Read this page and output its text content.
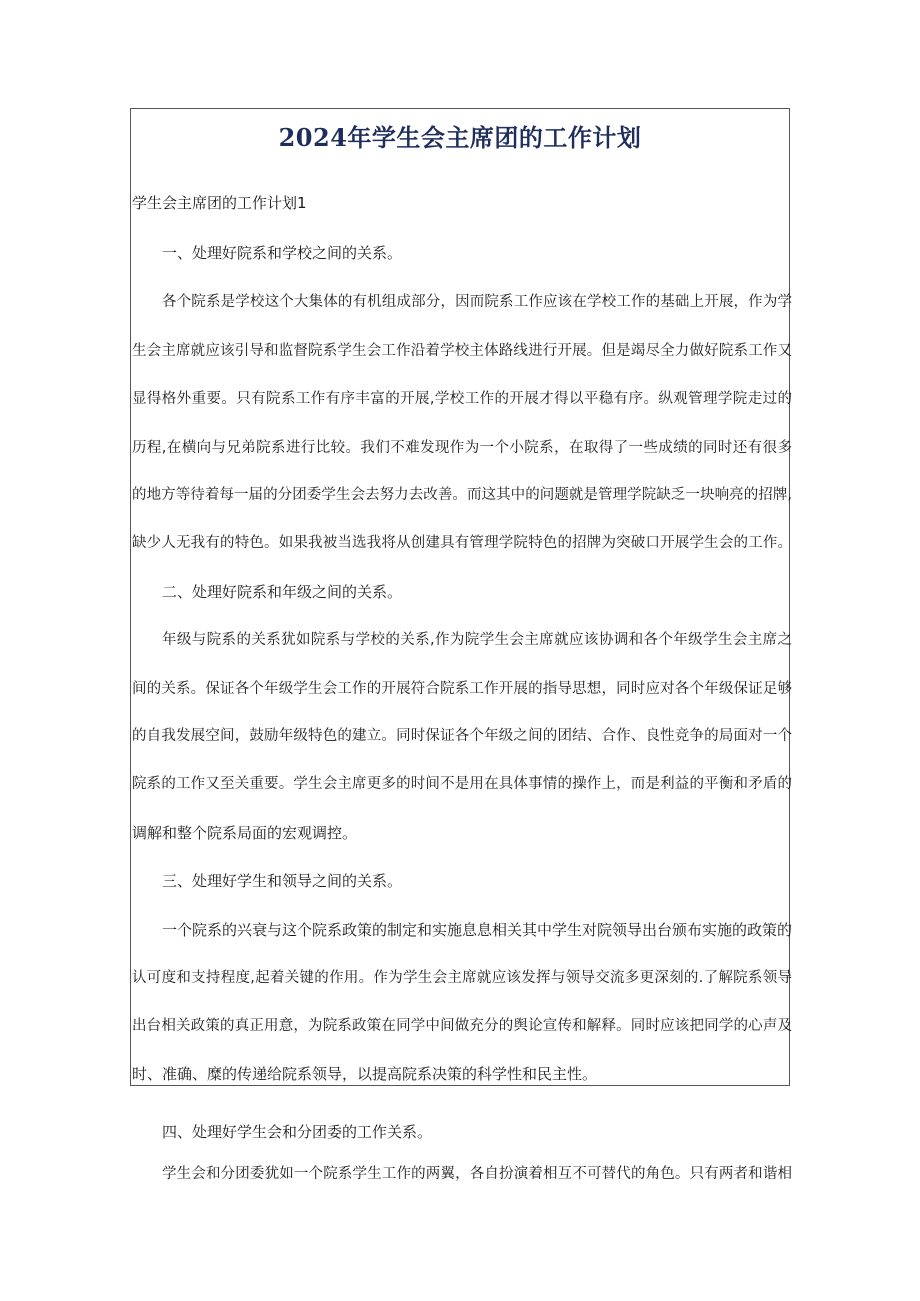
2024年学生会主席团的工作计划

学生会主席团的工作计划1

一、处理好院系和学校之间的关系。

各个院系是学校这个大集体的有机组成部分，因而院系工作应该在学校工作的基础上开展，作为学

生会主席就应该引导和监督院系学生会工作沿着学校主体路线进行开展。但是竭尽全力做好院系工作又

显得格外重要。只有院系工作有序丰富的开展,学校工作的开展才得以平稳有序。纵观管理学院走过的

历程,在横向与兄弟院系进行比较。我们不难发现作为一个小院系，在取得了一些成绩的同时还有很多

的地方等待着每一届的分团委学生会去努力去改善。而这其中的问题就是管理学院缺乏一块响亮的招牌,

缺少人无我有的特色。如果我被当选我将从创建具有管理学院特色的招牌为突破口开展学生会的工作。

二、处理好院系和年级之间的关系。

年级与院系的关系犹如院系与学校的关系,作为院学生会主席就应该协调和各个年级学生会主席之

间的关系。保证各个年级学生会工作的开展符合院系工作开展的指导思想，同时应对各个年级保证足够

的自我发展空间，鼓励年级特色的建立。同时保证各个年级之间的团结、合作、良性竞争的局面对一个

院系的工作又至关重要。学生会主席更多的时间不是用在具体事情的操作上，而是利益的平衡和矛盾的

调解和整个院系局面的宏观调控。

三、处理好学生和领导之间的关系。

一个院系的兴衰与这个院系政策的制定和实施息息相关其中学生对院领导出台颁布实施的政策的

认可度和支持程度,起着关键的作用。作为学生会主席就应该发挥与领导交流多更深刻的.了解院系领导

出台相关政策的真正用意，为院系政策在同学中间做充分的舆论宣传和解释。同时应该把同学的心声及

时、准确、糜的传递给院系领导，以提高院系决策的科学性和民主性。

四、处理好学生会和分团委的工作关系。

学生会和分团委犹如一个院系学生工作的两翼，各自扮演着相互不可替代的角色。只有两者和谐相
